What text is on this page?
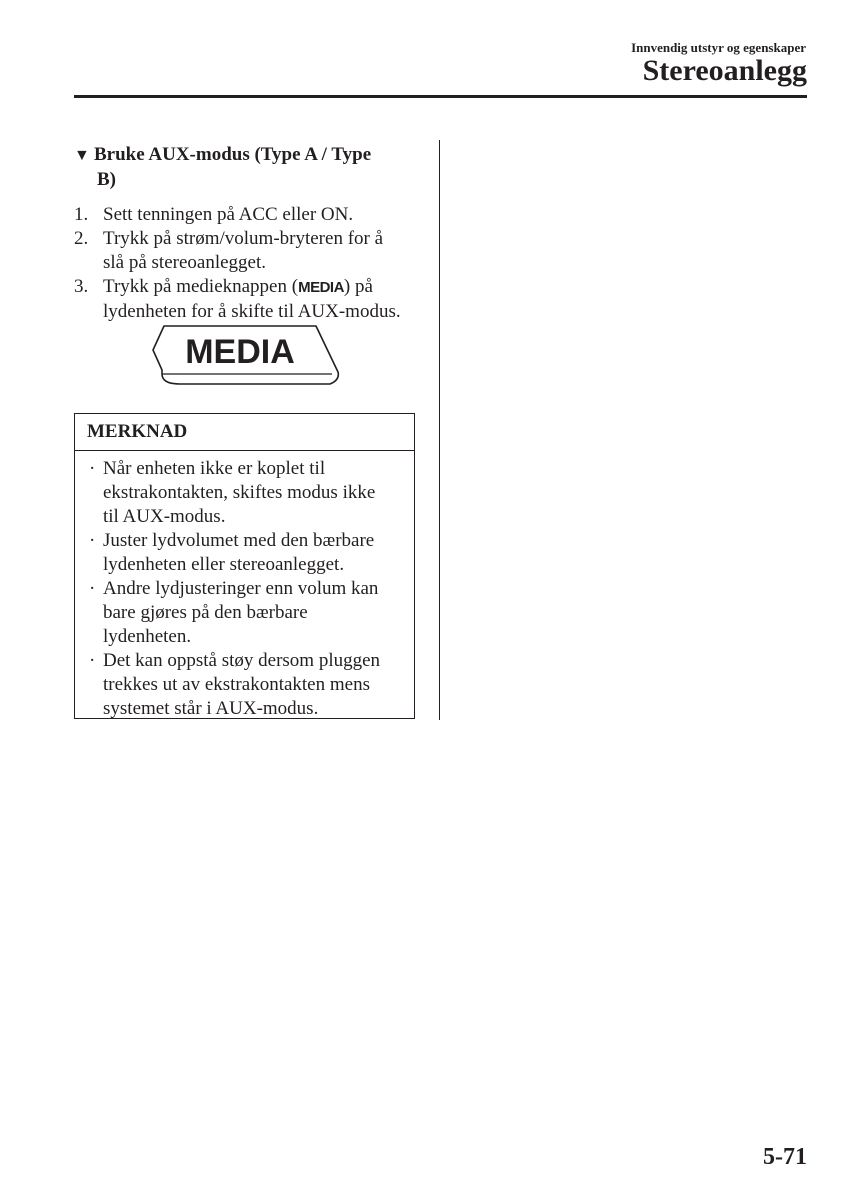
Innvendig utstyr og egenskaper
Stereoanlegg
▼ Bruke AUX-modus (Type A / Type
B)
1. Sett tenningen på ACC eller ON.
2. Trykk på strøm/volum-bryteren for å
slå på stereoanlegget.
3. Trykk på medieknappen (MEDIA) på
lydenheten for å skifte til AUX-modus.
MEDIA
MERKNAD
· Når enheten ikke er koplet til
ekstrakontakten, skiftes modus ikke
til AUX-modus.
· Juster lydvolumet med den bærbare
lydenheten eller stereoanlegget.
· Andre lydjusteringer enn volum kan
bare gjøres på den bærbare
lydenheten.
· Det kan oppstå støy dersom pluggen
trekkes ut av ekstrakontakten mens
systemet står i AUX-modus.
5-71
